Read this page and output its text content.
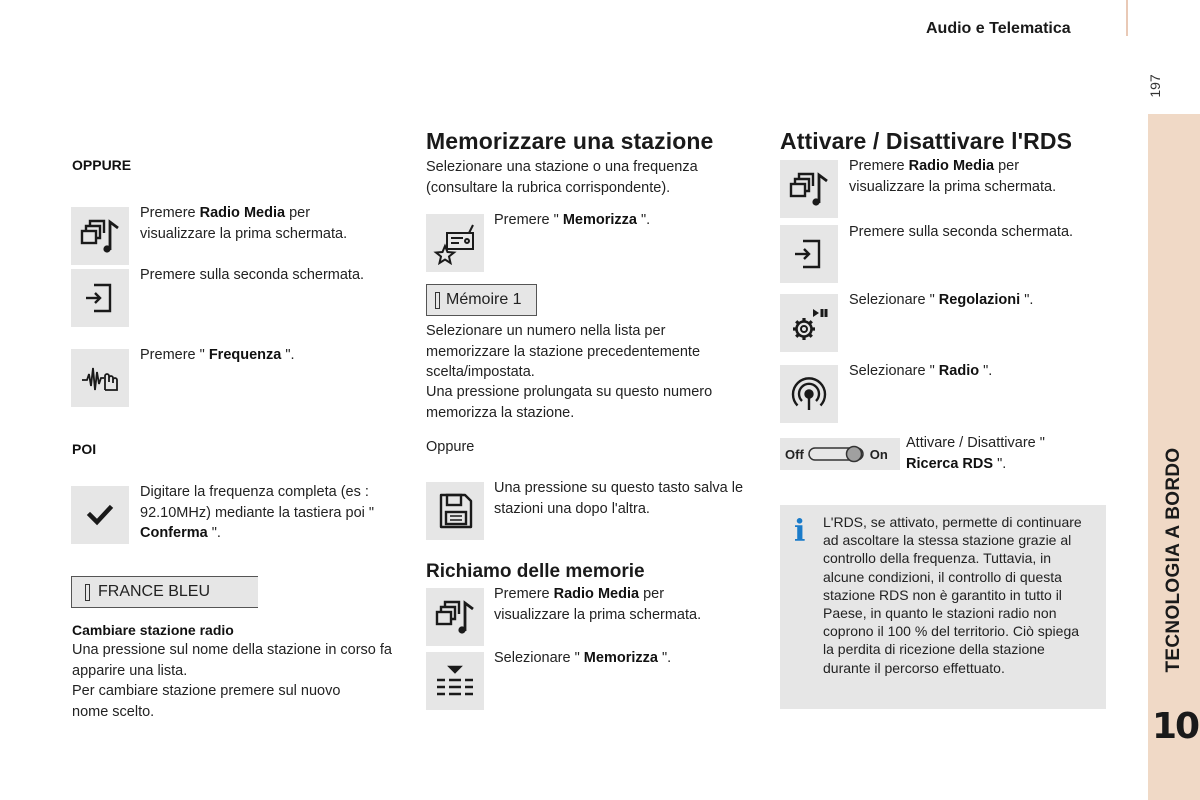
Audio e Telematica
197
TECNOLOGIA A BORDO
10
OPPURE
Premere Radio Media per visualizzare la prima schermata.
Premere sulla seconda schermata.
Premere " Frequenza ".
POI
Digitare la frequenza completa (es : 92.10MHz) mediante la tastiera poi " Conferma ".
FRANCE BLEU
Cambiare stazione radio
Una pressione sul nome della stazione in corso fa apparire una lista.
Per cambiare stazione premere sul nuovo nome scelto.
Memorizzare una stazione
Selezionare una stazione o una frequenza (consultare la rubrica corrispondente).
Premere " Memorizza ".
Mémoire 1
Selezionare un numero nella lista per memorizzare la stazione precedentemente scelta/impostata.
Una pressione prolungata su questo numero memorizza la stazione.
Oppure
Una pressione su questo tasto salva le stazioni una dopo l'altra.
Richiamo delle memorie
Premere Radio Media per visualizzare la prima schermata.
Selezionare " Memorizza ".
Attivare / Disattivare l'RDS
Premere Radio Media per visualizzare la prima schermata.
Premere sulla seconda schermata.
Selezionare " Regolazioni ".
Selezionare " Radio ".
Off	On
Attivare / Disattivare " Ricerca RDS ".
i L'RDS, se attivato, permette di continuare ad ascoltare la stessa stazione grazie al controllo della frequenza. Tuttavia, in alcune condizioni, il controllo di questa stazione RDS non è garantito in tutto il Paese, in quanto le stazioni radio non coprono il 100 % del territorio. Ciò spiega la perdita di ricezione della stazione durante il percorso effettuato.
